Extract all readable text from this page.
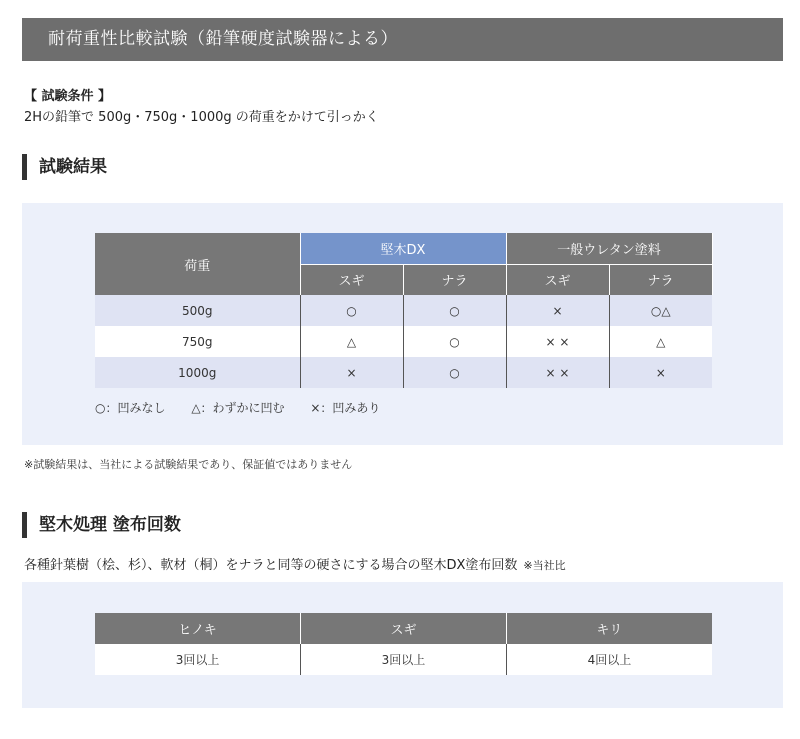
耐荷重性比較試験（鉛筆硬度試験器による）
【 試験条件 】
2Hの鉛筆で 500g・750g・1000g の荷重をかけて引っかく
試験結果
荷重	堅木DX		一般ウレタン塗料	
	スギ	ナラ	スギ	ナラ
500g	○	○	×	○△
750g	△	○	× ×	△
1000g	×	○	× ×	×
○：凹みなし △：わずかに凹む ×：凹みあり
※試験結果は、当社による試験結果であり、保証値ではありません
堅木処理 塗布回数
各種針葉樹（桧、杉）、軟材（桐）をナラと同等の硬さにする場合の堅木DX塗布回数 ※当社比
ヒノキ	スギ	キリ
3回以上	3回以上	4回以上
